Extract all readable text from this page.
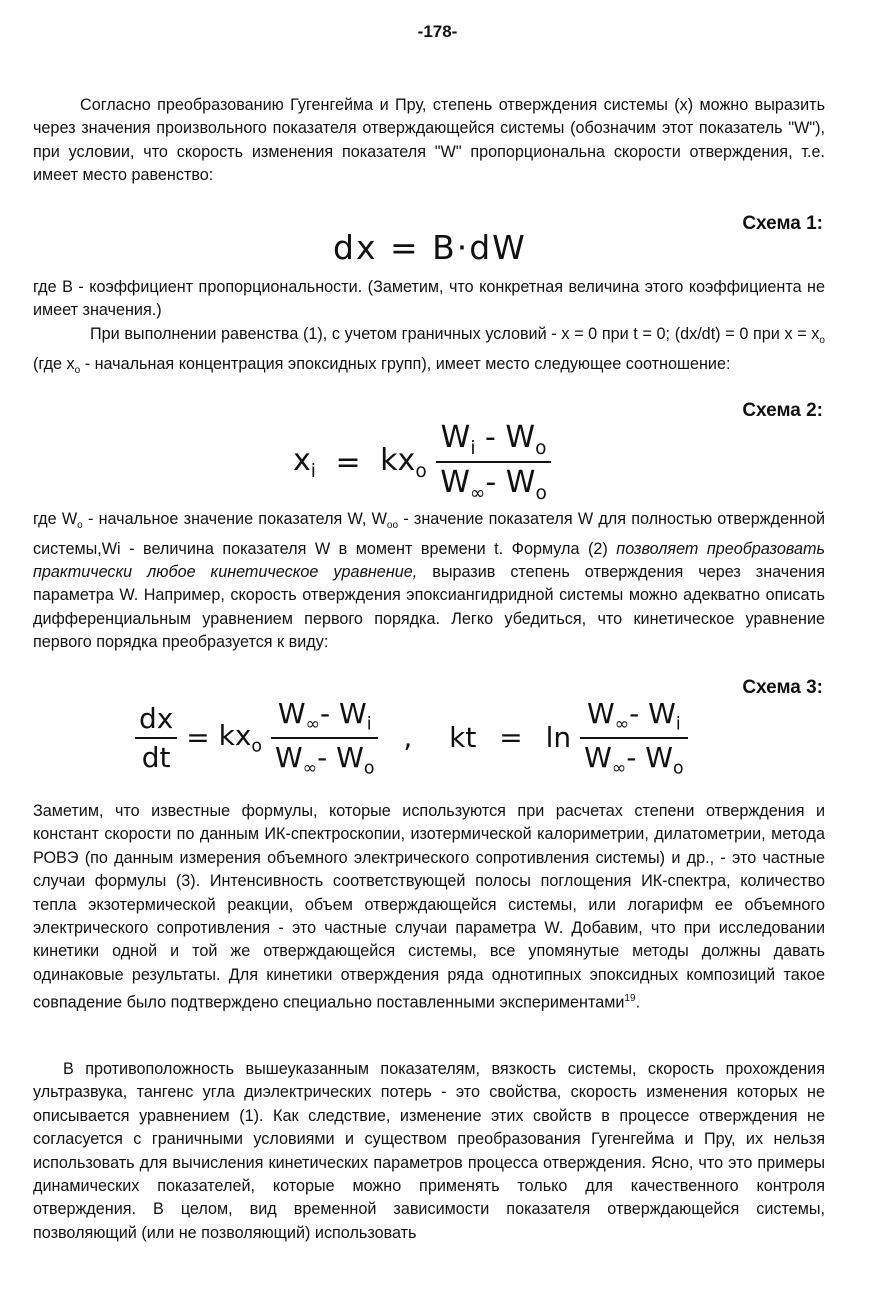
-178-
Согласно преобразованию Гугенгейма и Пру, степень отверждения системы (x) можно выразить через значения произвольного показателя отверждающейся системы (обозначим этот показатель "W"), при условии, что скорость изменения показателя "W" пропорциональна скорости отверждения, т.е. имеет место равенство:
Схема 1:
dx = B·dW
где B - коэффициент пропорциональности. (Заметим, что конкретная величина этого коэффициента не имеет значения.)
При выполнении равенства (1), с учетом граничных условий - x = 0 при t = 0; (dx/dt) = 0 при $x = x_o$ (где $x_o$ - начальная концентрация эпоксидных групп), имеет место следующее соотношение:
Схема 2:
$x_i = kx_o \frac{W_i - W_o}{W_\infty- W_o}$
где $W_o$ - начальное значение показателя W, $W_{oo}$ - значение показателя W для полностью отвержденной системы,Wi - величина показателя W в момент времени t. Формула (2) позволяет преобразовать практически любое кинетическое уравнение, выразив степень отверждения через значения параметра W. Например, скорость отверждения эпоксиангидридной системы можно адекватно описать дифференциальным уравнением первого порядка. Легко убедиться, что кинетическое уравнение первого порядка преобразуется к виду:
Схема 3:
$\frac{dx}{dt} = kx_o \frac{W_\infty- W_i}{W_\infty- W_o}$ , kt = $\ln \frac{W_\infty- W_i}{W_\infty- W_o}$
Заметим, что известные формулы, которые используются при расчетах степени отверждения и констант скорости по данным ИК-спектроскопии, изотермической калориметрии, дилатометрии, метода РОВЭ (по данным измерения объемного электрического сопротивления системы) и др., - это частные случаи формулы (3). Интенсивность соответствующей полосы поглощения ИК-спектра, количество тепла экзотермической реакции, объем отверждающейся системы, или логарифм ее объемного электрического сопротивления - это частные случаи параметра W. Добавим, что при исследовании кинетики одной и той же отверждающейся системы, все упомянутые методы должны давать одинаковые результаты. Для кинетики отверждения ряда однотипных эпоксидных композиций такое совпадение было подтверждено специально поставленными экспериментами$^{19}$.
В противоположность вышеуказанным показателям, вязкость системы, скорость прохождения ультразвука, тангенс угла диэлектрических потерь - это свойства, скорость изменения которых не описывается уравнением (1). Как следствие, изменение этих свойств в процессе отверждения не согласуется с граничными условиями и существом преобразования Гугенгейма и Пру, их нельзя использовать для вычисления кинетических параметров процесса отверждения. Ясно, что это примеры динамических показателей, которые можно применять только для качественного контроля отверждения. В целом, вид временной зависимости показателя отверждающейся системы, позволяющий (или не позволяющий) использовать
